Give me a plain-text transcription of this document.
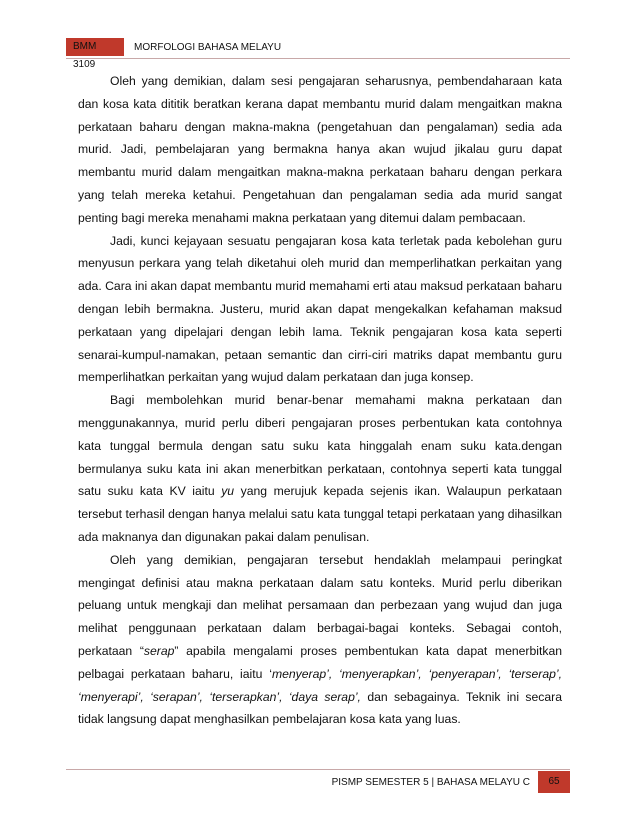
BMM 3109
MORFOLOGI BAHASA MELAYU

Oleh yang demikian, dalam sesi pengajaran seharusnya, pembendaharaan kata dan kosa kata dititik beratkan kerana dapat membantu murid dalam mengaitkan makna perkataan baharu dengan makna-makna (pengetahuan dan pengalaman) sedia ada murid. Jadi, pembelajaran yang bermakna hanya akan wujud jikalau guru dapat membantu murid dalam mengaitkan makna-makna perkataan baharu dengan perkara yang telah mereka ketahui. Pengetahuan dan pengalaman sedia ada murid sangat penting bagi mereka menahami makna perkataan yang ditemui dalam pembacaan.

Jadi, kunci kejayaan sesuatu pengajaran kosa kata terletak pada kebolehan guru menyusun perkara yang telah diketahui oleh murid dan memperlihatkan perkaitan yang ada. Cara ini akan dapat membantu murid memahami erti atau maksud perkataan baharu dengan lebih bermakna. Justeru, murid akan dapat mengekalkan kefahaman maksud perkataan yang dipelajari dengan lebih lama. Teknik pengajaran kosa kata seperti senarai-kumpul-namakan, petaan semantic dan cirri-ciri matriks dapat membantu guru memperlihatkan perkaitan yang wujud dalam perkataan dan juga konsep.

Bagi membolehkan murid benar-benar memahami makna perkataan dan menggunakannya, murid perlu diberi pengajaran proses perbentukan kata contohnya kata tunggal bermula dengan satu suku kata hinggalah enam suku kata.dengan bermulanya suku kata ini akan menerbitkan perkataan, contohnya seperti kata tunggal satu suku kata KV iaitu yu yang merujuk kepada sejenis ikan. Walaupun perkataan tersebut terhasil dengan hanya melalui satu kata tunggal tetapi perkataan yang dihasilkan ada maknanya dan digunakan pakai dalam penulisan.

Oleh yang demikian, pengajaran tersebut hendaklah melampaui peringkat mengingat definisi atau makna perkataan dalam satu konteks. Murid perlu diberikan peluang untuk mengkaji dan melihat persamaan dan perbezaan yang wujud dan juga melihat penggunaan perkataan dalam berbagai-bagai konteks. Sebagai contoh, perkataan “serap” apabila mengalami proses pembentukan kata dapat menerbitkan pelbagai perkataan baharu, iaitu ‘menyerap’, ‘menyerapkan’, ‘penyerapan’, ‘terserap’, ‘menyerapi’, ‘serapan’, ‘terserapkan’, ‘daya serap’, dan sebagainya. Teknik ini secara tidak langsung dapat menghasilkan pembelajaran kosa kata yang luas.

PISMP SEMESTER 5 | BAHASA MELAYU C	65
